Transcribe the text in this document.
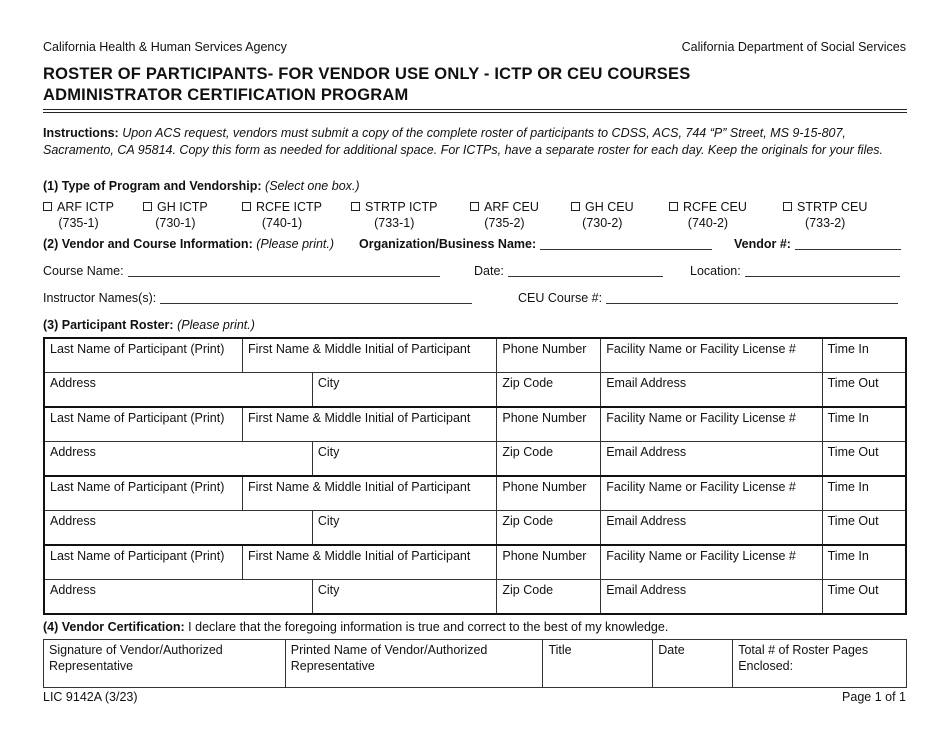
California Health & Human Services Agency	California Department of Social Services
ROSTER OF PARTICIPANTS- FOR VENDOR USE ONLY - ICTP OR CEU COURSES
ADMINISTRATOR CERTIFICATION PROGRAM
Instructions: Upon ACS request, vendors must submit a copy of the complete roster of participants to CDSS, ACS, 744 “P” Street, MS 9-15-807, Sacramento, CA 95814. Copy this form as needed for additional space. For ICTPs, have a separate roster for each day. Keep the originals for your files.
(1) Type of Program and Vendorship: (Select one box.)
ARF ICTP
(735-1)
GH ICTP
(730-1)
RCFE ICTP
(740-1)
STRTP ICTP
(733-1)
ARF CEU
(735-2)
GH CEU
(730-2)
RCFE CEU
(740-2)
STRTP CEU
(733-2)
(2) Vendor and Course Information: (Please print.) Organization/Business Name:	Vendor #:
Course Name:	Date:	Location:
Instructor Names(s):	CEU Course #:
(3) Participant Roster: (Please print.)
Last Name of Participant (Print)	First Name & Middle Initial of Participant		Phone Number	Facility Name or Facility License #	Time In
Address		City	Zip Code	Email Address	Time Out
Last Name of Participant (Print)	First Name & Middle Initial of Participant		Phone Number	Facility Name or Facility License #	Time In
Address		City	Zip Code	Email Address	Time Out
Last Name of Participant (Print)	First Name & Middle Initial of Participant		Phone Number	Facility Name or Facility License #	Time In
Address		City	Zip Code	Email Address	Time Out
Last Name of Participant (Print)	First Name & Middle Initial of Participant		Phone Number	Facility Name or Facility License #	Time In
Address		City	Zip Code	Email Address	Time Out
(4) Vendor Certification: I declare that the foregoing information is true and correct to the best of my knowledge.
Signature of Vendor/Authorized Representative	Printed Name of Vendor/Authorized Representative	Title	Date	Total # of Roster Pages Enclosed:
LIC 9142A (3/23)	Page 1 of 1
